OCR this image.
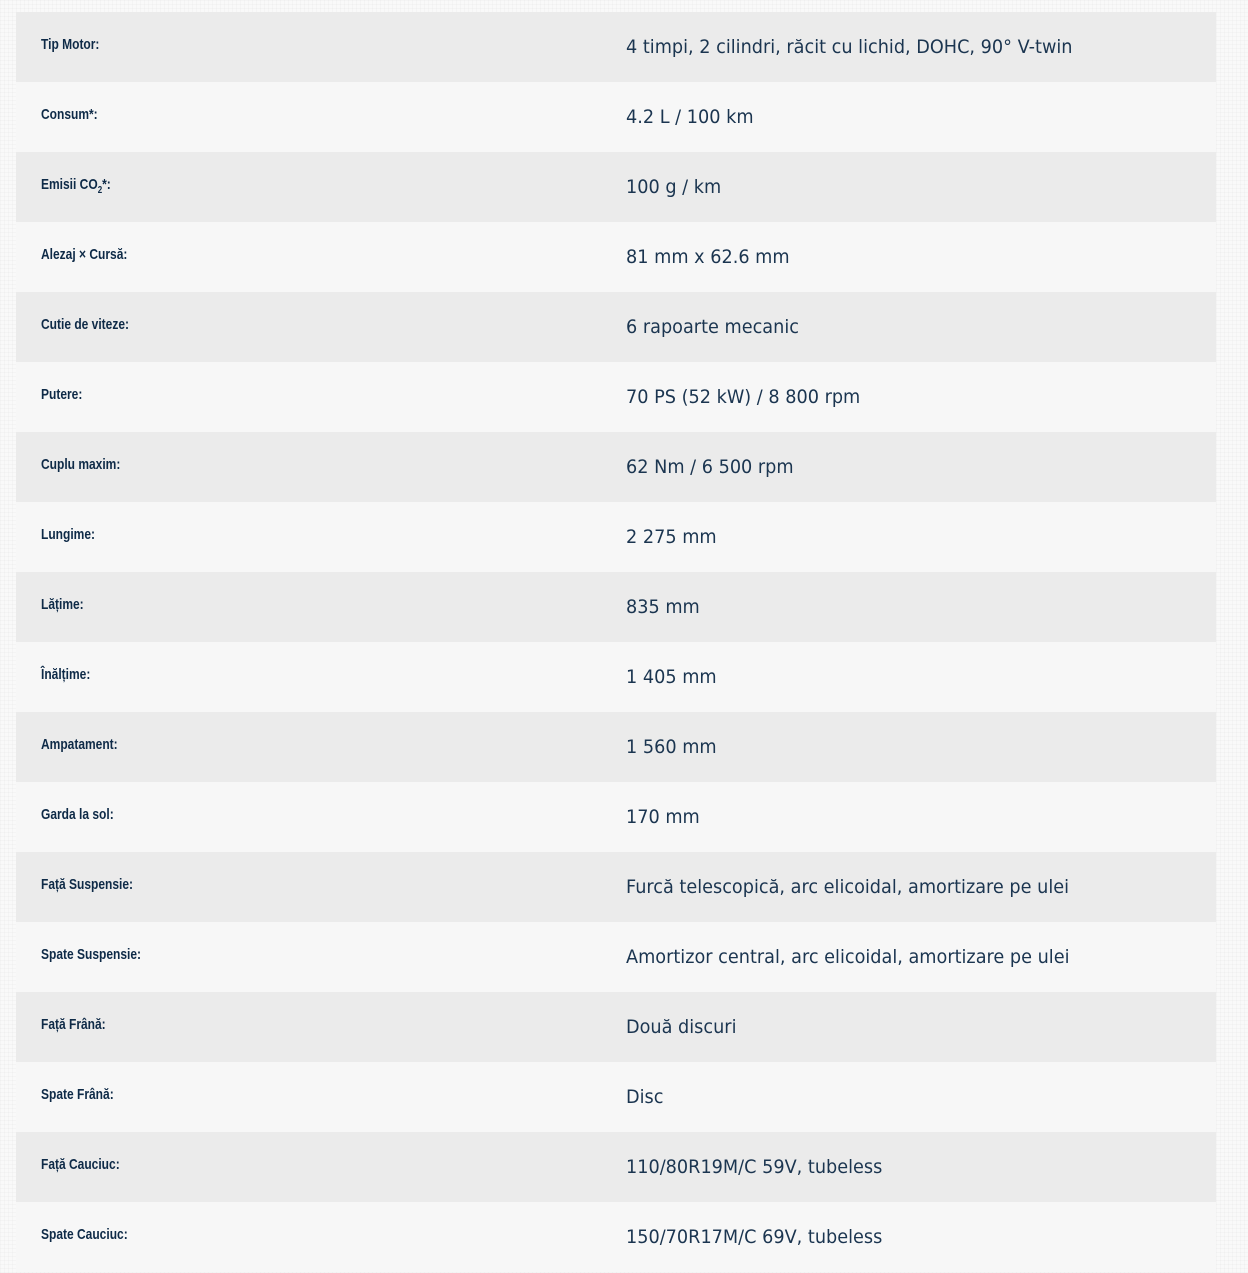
Tip Motor:	4 timpi, 2 cilindri, răcit cu lichid, DOHC, 90° V-twin
Consum*:	4.2 L / 100 km
Emisii $CO_2*$:	100 g / km
Alezaj × Cursă:	81 mm x 62.6 mm
Cutie de viteze:	6 rapoarte mecanic
Putere:	70 PS (52 kW) / 8 800 rpm
Cuplu maxim:	62 Nm / 6 500 rpm
Lungime:	2 275 mm
Lățime:	835 mm
Înălțime:	1 405 mm
Ampatament:	1 560 mm
Garda la sol:	170 mm
Față Suspensie:	Furcă telescopică, arc elicoidal, amortizare pe ulei
Spate Suspensie:	Amortizor central, arc elicoidal, amortizare pe ulei
Față Frână:	Două discuri
Spate Frână:	Disc
Față Cauciuc:	110/80R19M/C 59V, tubeless
Spate Cauciuc:	150/70R17M/C 69V, tubeless
